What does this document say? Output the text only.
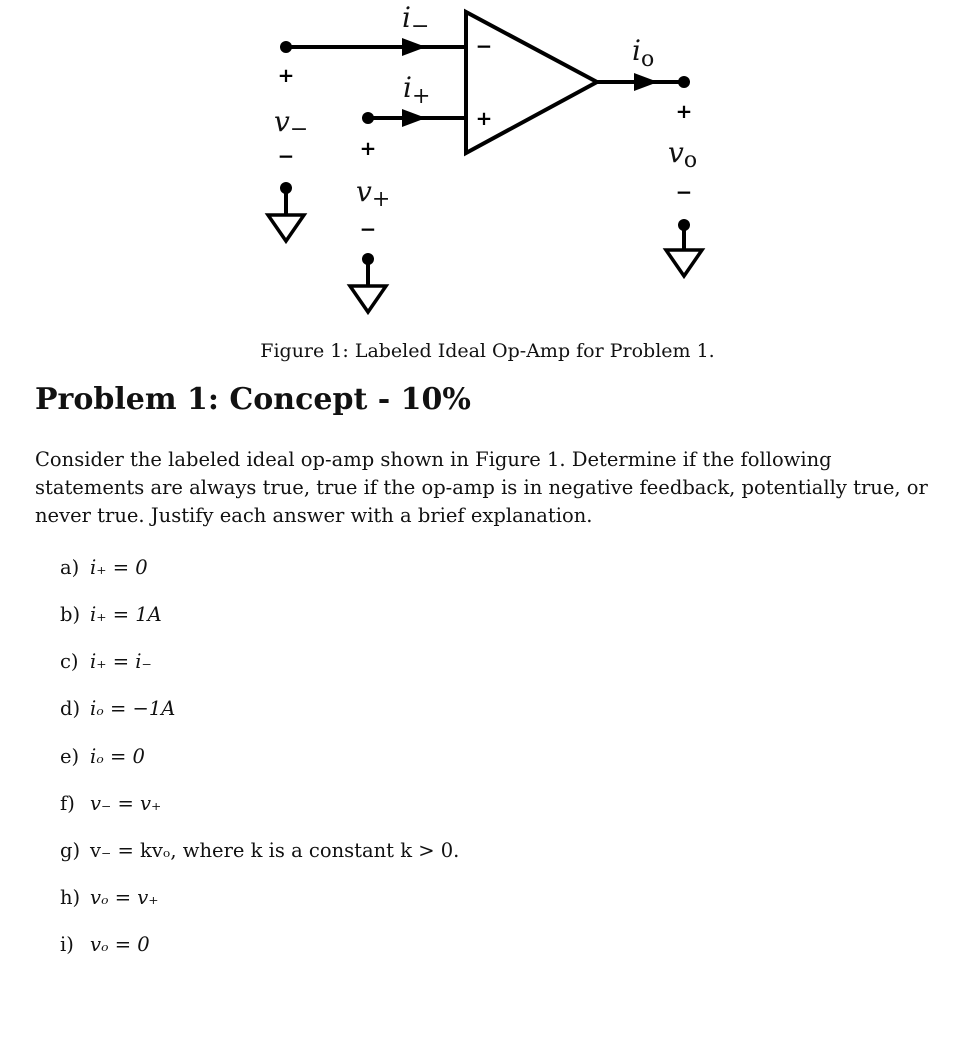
i−
i+
io
v−
v+
vo
+
−	+
−
+
−
−
+
Figure 1: Labeled Ideal Op-Amp for Problem 1.
Problem 1: Concept - 10%

Consider the labeled ideal op-amp shown in Figure 1. Determine if the following statements are always true, true if the op-amp is in negative feedback, potentially true, or never true. Justify each answer with a brief explanation.

a) i₊ = 0
b) i₊ = 1A
c) i₊ = i₋
d) iₒ = −1A
e) iₒ = 0
f) v₋ = v₊
g) v₋ = kvₒ, where k is a constant k > 0.
h) vₒ = v₊
i) vₒ = 0
